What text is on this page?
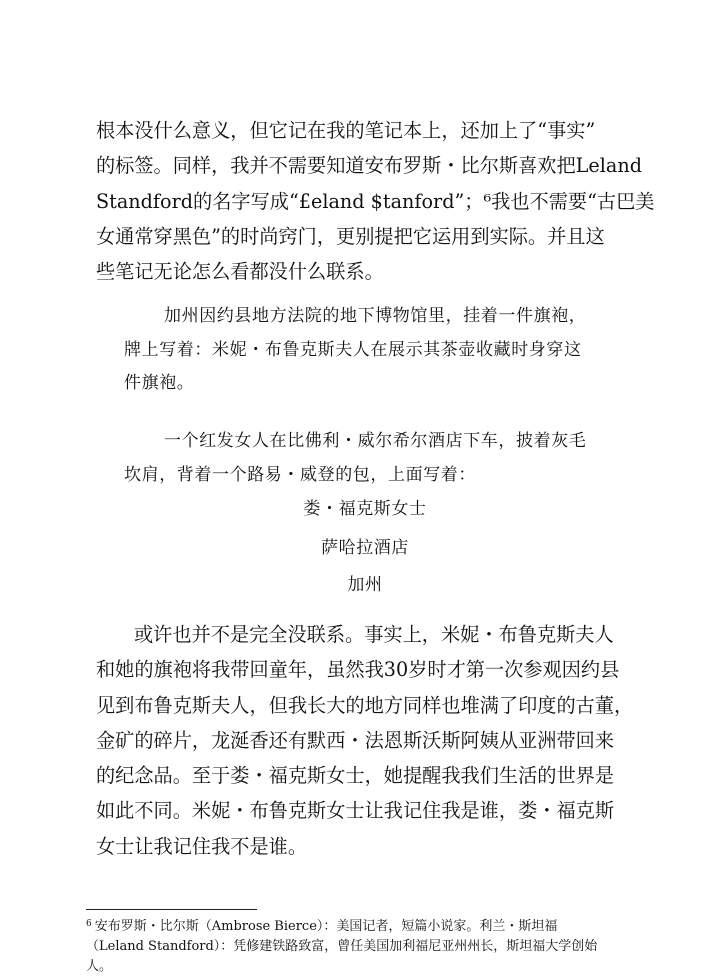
根本没什么意义，但它记在我的笔记本上，还加上了“事实”
的标签。同样，我并不需要知道安布罗斯・比尔斯喜欢把Leland
Standford的名字写成“£eland $tanford”；⁶我也不需要“古巴美
女通常穿黑色”的时尚窍门，更别提把它运用到实际。并且这
些笔记无论怎么看都没什么联系。

加州因约县地方法院的地下博物馆里，挂着一件旗袍，
牌上写着：米妮・布鲁克斯夫人在展示其茶壶收藏时身穿这
件旗袍。

一个红发女人在比佛利・威尔希尔酒店下车，披着灰毛
坎肩，背着一个路易・威登的包，上面写着：

娄・福克斯女士

萨哈拉酒店

加州

或许也并不是完全没联系。事实上，米妮・布鲁克斯夫人
和她的旗袍将我带回童年，虽然我30岁时才第一次参观因约县
见到布鲁克斯夫人，但我长大的地方同样也堆满了印度的古董，
金矿的碎片，龙涎香还有默西・法恩斯沃斯阿姨从亚洲带回来
的纪念品。至于娄・福克斯女士，她提醒我我们生活的世界是
如此不同。米妮・布鲁克斯女士让我记住我是谁，娄・福克斯
女士让我记住我不是谁。

$^6$ 安布罗斯・比尔斯（Ambrose Bierce）：美国记者，短篇小说家。利兰・斯坦福
（Leland Standford）：凭修建铁路致富，曾任美国加利福尼亚州州长，斯坦福大学创始
人。
